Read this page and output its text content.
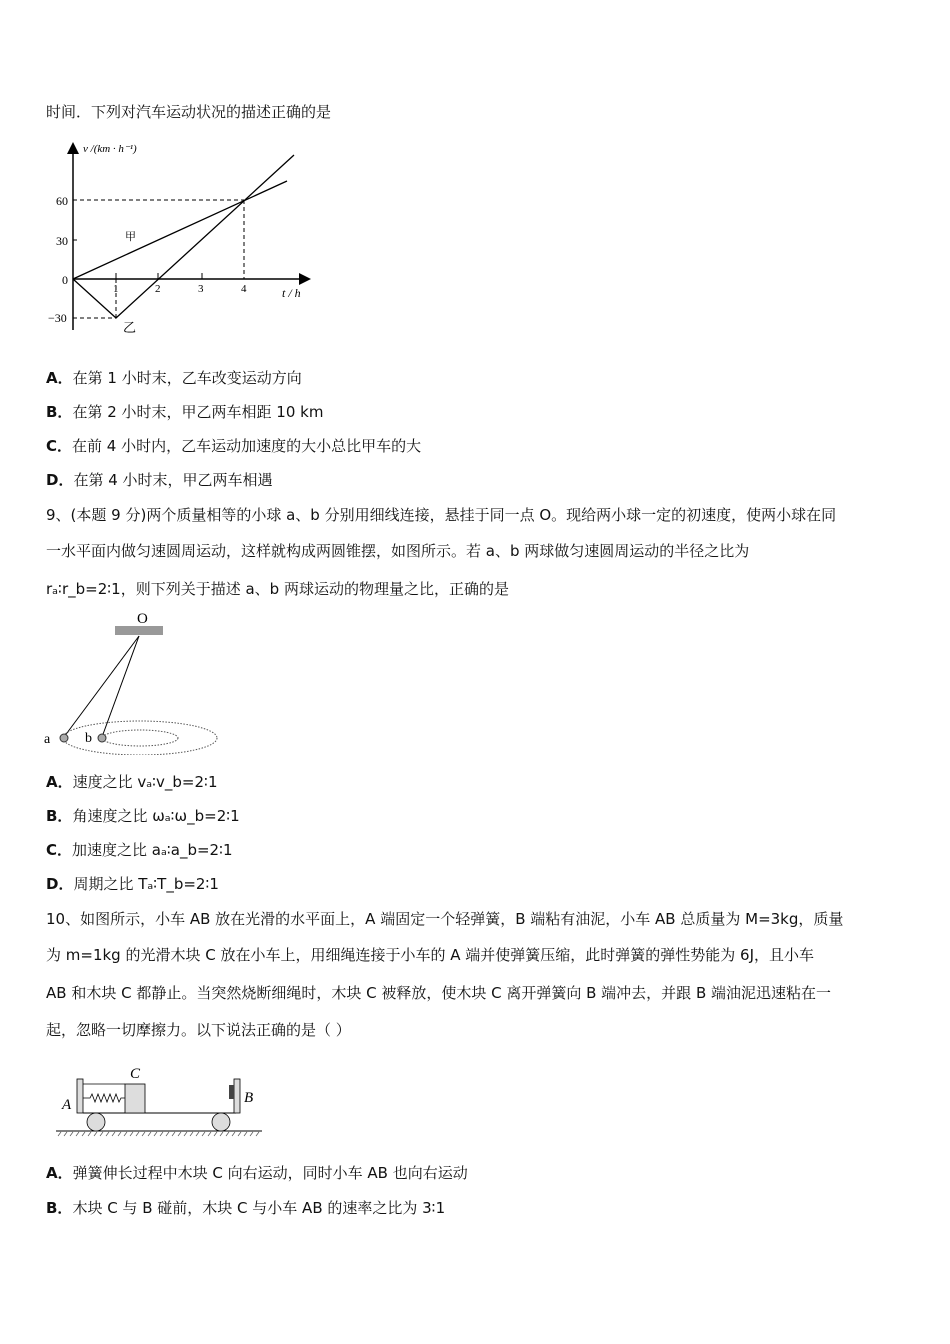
时间．下列对汽车运动状况的描述正确的是
v /(km · h⁻¹)
t / h
60
30
0
−30
1	2	3	4
甲
乙
A．在第 1 小时末，乙车改变运动方向
B．在第 2 小时末，甲乙两车相距 10 km
C．在前 4 小时内，乙车运动加速度的大小总比甲车的大
D．在第 4 小时末，甲乙两车相遇
9、(本题 9 分)两个质量相等的小球 a、b 分别用细线连接，悬挂于同一点 O。现给两小球一定的初速度，使两小球在同
一水平面内做匀速圆周运动，这样就构成两圆锥摆，如图所示。若 a、b 两球做匀速圆周运动的半径之比为
rₐ∶r_b=2∶1，则下列关于描述 a、b 两球运动的物理量之比，正确的是
O
a b
A．速度之比 vₐ∶v_b=2∶1
B．角速度之比 ωₐ∶ω_b=2∶1
C．加速度之比 aₐ∶a_b=2∶1
D．周期之比 Tₐ∶T_b=2∶1
10、如图所示，小车 AB 放在光滑的水平面上，A 端固定一个轻弹簧，B 端粘有油泥，小车 AB 总质量为 M=3kg，质量
为 m=1kg 的光滑木块 C 放在小车上，用细绳连接于小车的 A 端并使弹簧压缩，此时弹簧的弹性势能为 6J，且小车
AB 和木块 C 都静止。当突然烧断细绳时，木块 C 被释放，使木块 C 离开弹簧向 B 端冲去，并跟 B 端油泥迅速粘在一
起，忽略一切摩擦力。以下说法正确的是（ ）
A	B
C
A．弹簧伸长过程中木块 C 向右运动，同时小车 AB 也向右运动
B．木块 C 与 B 碰前，木块 C 与小车 AB 的速率之比为 3∶1
